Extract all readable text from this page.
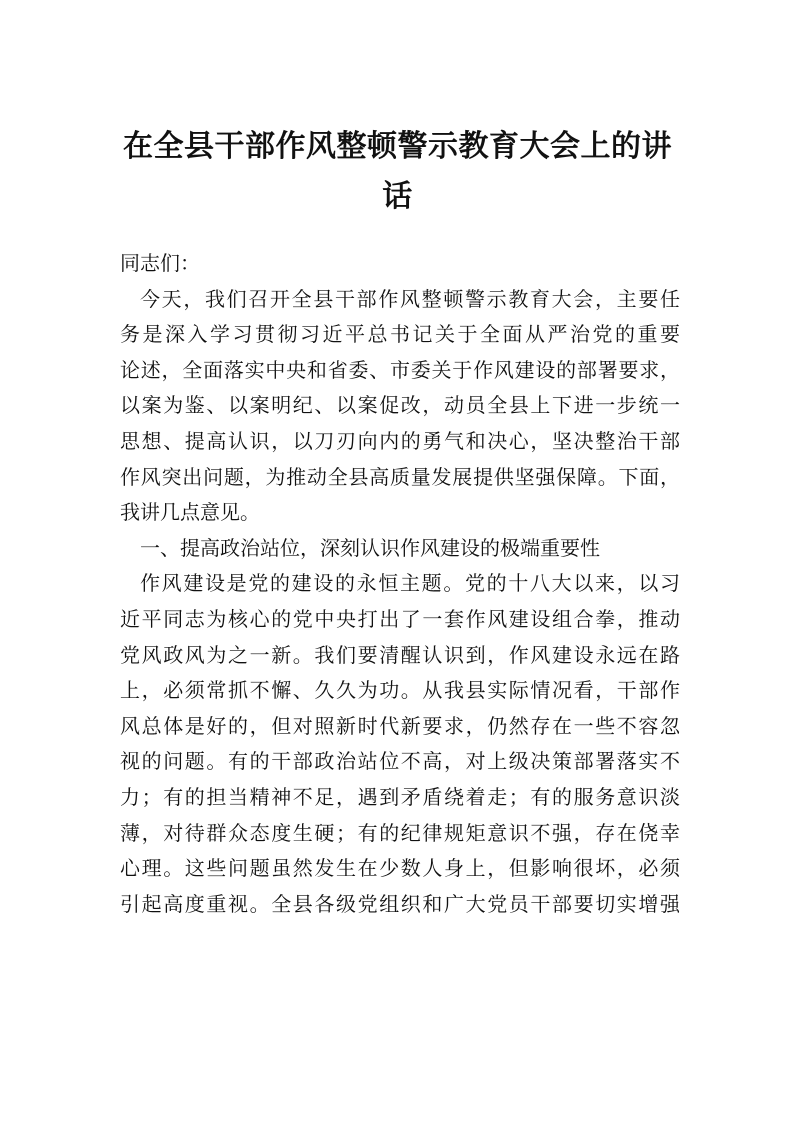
在全县干部作风整顿警示教育大会上的讲
话
同志们：
今天，我们召开全县干部作风整顿警示教育大会，主要任
务是深入学习贯彻习近平总书记关于全面从严治党的重要
论述，全面落实中央和省委、市委关于作风建设的部署要求，
以案为鉴、以案明纪、以案促改，动员全县上下进一步统一
思想、提高认识，以刀刃向内的勇气和决心，坚决整治干部
作风突出问题，为推动全县高质量发展提供坚强保障。下面，
我讲几点意见。
一、提高政治站位，深刻认识作风建设的极端重要性
作风建设是党的建设的永恒主题。党的十八大以来，以习
近平同志为核心的党中央打出了一套作风建设组合拳，推动
党风政风为之一新。我们要清醒认识到，作风建设永远在路
上，必须常抓不懈、久久为功。从我县实际情况看，干部作
风总体是好的，但对照新时代新要求，仍然存在一些不容忽
视的问题。有的干部政治站位不高，对上级决策部署落实不
力；有的担当精神不足，遇到矛盾绕着走；有的服务意识淡
薄，对待群众态度生硬；有的纪律规矩意识不强，存在侥幸
心理。这些问题虽然发生在少数人身上，但影响很坏，必须
引起高度重视。全县各级党组织和广大党员干部要切实增强
